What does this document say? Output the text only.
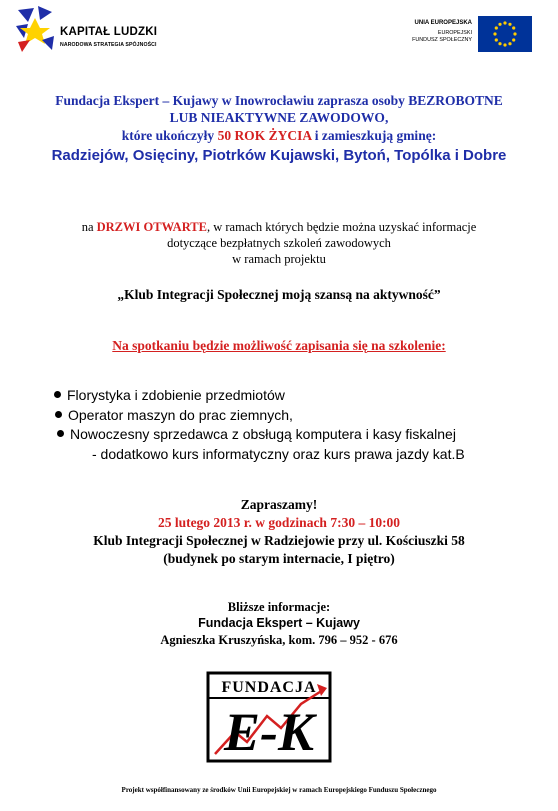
KAPITAŁ LUDZKI
NARODOWA STRATEGIA SPÓJNOŚCI
UNIA EUROPEJSKA
EUROPEJSKI
FUNDUSZ SPOŁECZNY
Fundacja Ekspert – Kujawy w Inowrocławiu zaprasza osoby BEZROBOTNE
LUB NIEAKTYWNE ZAWODOWO,
które ukończyły 50 ROK ŻYCIA i zamieszkują gminę:
Radziejów, Osięciny, Piotrków Kujawski, Bytoń, Topólka i Dobre
na DRZWI OTWARTE, w ramach których będzie można uzyskać informacje
dotyczące bezpłatnych szkoleń zawodowych
w ramach projektu
„Klub Integracji Społecznej moją szansą na aktywność”
Na spotkaniu będzie możliwość zapisania się na szkolenie:
Florystyka i zdobienie przedmiotów
Operator maszyn do prac ziemnych,
Nowoczesny sprzedawca z obsługą komputera i kasy fiskalnej
- dodatkowo kurs informatyczny oraz kurs prawa jazdy kat.B
Zapraszamy!
25 lutego 2013 r. w godzinach 7:30 – 10:00
Klub Integracji Społecznej w Radziejowie przy ul. Kościuszki 58
(budynek po starym internacie, I piętro)
Bliższe informacje:
Fundacja Ekspert – Kujawy
Agnieszka Kruszyńska, kom. 796 – 952 - 676
FUNDACJA
E-K
Projekt współfinansowany ze środków Unii Europejskiej w ramach Europejskiego Funduszu Społecznego
